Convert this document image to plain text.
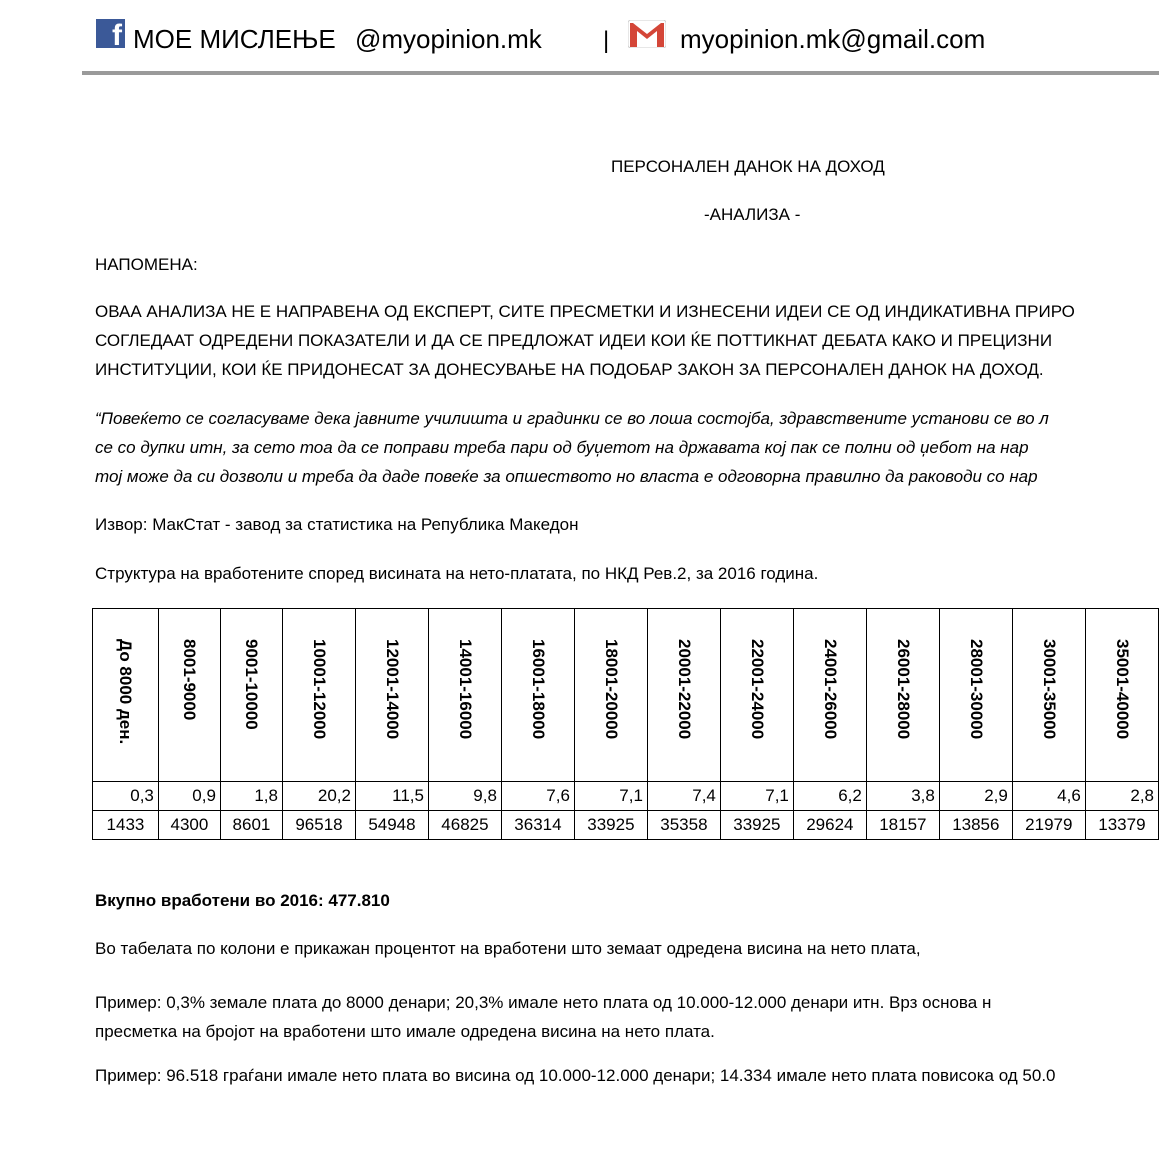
f МОЕ МИСЛЕЊЕ @myopinion.mk	|	myopinion.mk@gmail.com
ПЕРСОНАЛЕН ДАНОК НА ДОХОД
-АНАЛИЗА -
НАПОМЕНА:
ОВАА АНАЛИЗА НЕ Е НАПРАВЕНА ОД ЕКСПЕРТ, СИТЕ ПРЕСМЕТКИ И ИЗНЕСЕНИ ИДЕИ СЕ ОД ИНДИКАТИВНА ПРИРО
СОГЛЕДААТ ОДРЕДЕНИ ПОКАЗАТЕЛИ И ДА СЕ ПРЕДЛОЖАТ ИДЕИ КОИ ЌЕ ПОТТИКНАТ ДЕБАТА КАКО И ПРЕЦИЗНИ
ИНСТИТУЦИИ, КОИ ЌЕ ПРИДОНЕСАТ ЗА ДОНЕСУВАЊЕ НА ПОДОБАР ЗАКОН ЗА ПЕРСОНАЛЕН ДАНОК НА ДОХОД.
“Повеќето се согласуваме дека јавните училишта и градинки се во лоша состојба, здравствените установи се во л
се со дупки итн, за сето тоа да се поправи треба пари од буџетот на државата кој пак се полни од џебот на нар
тој може да си дозволи и треба да даде повеќе за опшеството но власта е одговорна правилно да раководи со нар
Извор: МакСтат - завод за статистика на Република Македон
Структура на вработените според висината на нето-платата, по НКД Рев.2, за 2016 година.
До 8000 ден.	8001-9000	9001-10000	10001-12000	12001-14000	14001-16000	16001-18000	18001-20000	20001-22000	22001-24000	24001-26000	26001-28000	28001-30000	30001-35000	35001-40000

0,3	0,9	1,8	20,2	11,5	9,8	7,6	7,1	7,4	7,1	6,2	3,8	2,9	4,6	2,8
1433	4300	8601	96518	54948	46825	36314	33925	35358	33925	29624	18157	13856	21979	13379
Вкупно вработени во 2016: 477.810
Во табелата по колони е прикажан процентот на вработени што земаат одредена висина на нето плата,
Пример: 0,3% земале плата до 8000 денари; 20,3% имале нето плата од 10.000-12.000 денари итн. Врз основа н
пресметка на бројот на вработени што имале одредена висина на нето плата.
Пример: 96.518 граѓани имале нето плата во висина од 10.000-12.000 денари; 14.334 имале нето плата повисока од 50.0
